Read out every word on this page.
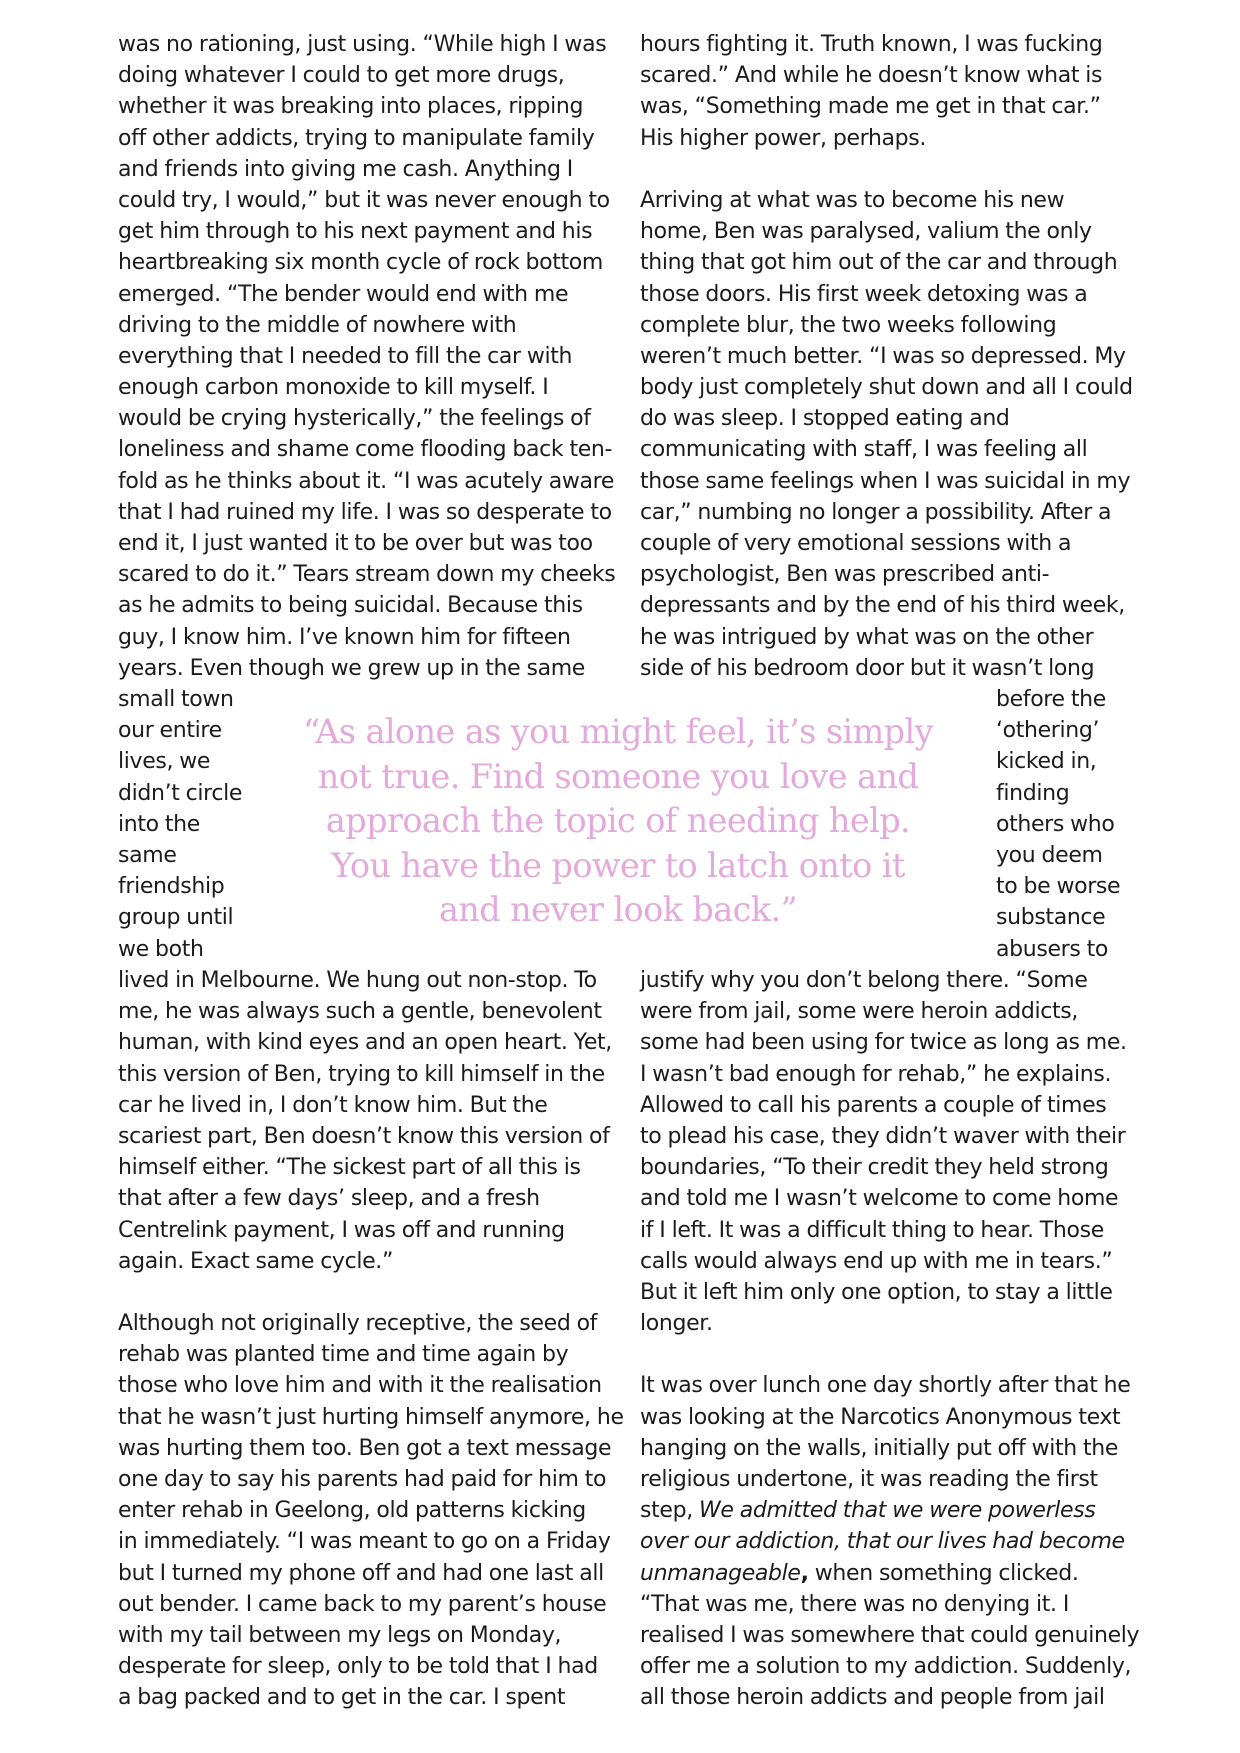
was no rationing, just using. “While high I was
doing whatever I could to get more drugs,
whether it was breaking into places, ripping
off other addicts, trying to manipulate family
and friends into giving me cash. Anything I
could try, I would,” but it was never enough to
get him through to his next payment and his
heartbreaking six month cycle of rock bottom
emerged. “The bender would end with me
driving to the middle of nowhere with
everything that I needed to fill the car with
enough carbon monoxide to kill myself. I
would be crying hysterically,” the feelings of
loneliness and shame come flooding back ten-
fold as he thinks about it. “I was acutely aware
that I had ruined my life. I was so desperate to
end it, I just wanted it to be over but was too
scared to do it.” Tears stream down my cheeks
as he admits to being suicidal. Because this
guy, I know him. I’ve known him for fifteen
years. Even though we grew up in the same
hours fighting it. Truth known, I was fucking
scared.” And while he doesn’t know what is
was, “Something made me get in that car.”
His higher power, perhaps.
Arriving at what was to become his new
home, Ben was paralysed, valium the only
thing that got him out of the car and through
those doors. His first week detoxing was a
complete blur, the two weeks following
weren’t much better. “I was so depressed. My
body just completely shut down and all I could
do was sleep. I stopped eating and
communicating with staff, I was feeling all
those same feelings when I was suicidal in my
car,” numbing no longer a possibility. After a
couple of very emotional sessions with a
psychologist, Ben was prescribed anti-
depressants and by the end of his third week,
he was intrigued by what was on the other
side of his bedroom door but it wasn’t long
small town
our entire
lives, we
didn’t circle
into the
same
friendship
group until
we both
before the
‘othering’
kicked in,
finding
others who
you deem
to be worse
substance
abusers to
“As alone as you might feel, it’s simply
not true. Find someone you love and
approach the topic of needing help.
You have the power to latch onto it
and never look back.”
lived in Melbourne. We hung out non-stop. To
me, he was always such a gentle, benevolent
human, with kind eyes and an open heart. Yet,
this version of Ben, trying to kill himself in the
car he lived in, I don’t know him. But the
scariest part, Ben doesn’t know this version of
himself either. “The sickest part of all this is
that after a few days’ sleep, and a fresh
Centrelink payment, I was off and running
again. Exact same cycle.”
Although not originally receptive, the seed of
rehab was planted time and time again by
those who love him and with it the realisation
that he wasn’t just hurting himself anymore, he
was hurting them too. Ben got a text message
one day to say his parents had paid for him to
enter rehab in Geelong, old patterns kicking
in immediately. “I was meant to go on a Friday
but I turned my phone off and had one last all
out bender. I came back to my parent’s house
with my tail between my legs on Monday,
desperate for sleep, only to be told that I had
a bag packed and to get in the car. I spent
justify why you don’t belong there. “Some
were from jail, some were heroin addicts,
some had been using for twice as long as me.
I wasn’t bad enough for rehab,” he explains.
Allowed to call his parents a couple of times
to plead his case, they didn’t waver with their
boundaries, “To their credit they held strong
and told me I wasn’t welcome to come home
if I left. It was a difficult thing to hear. Those
calls would always end up with me in tears.”
But it left him only one option, to stay a little
longer.
It was over lunch one day shortly after that he
was looking at the Narcotics Anonymous text
hanging on the walls, initially put off with the
religious undertone, it was reading the first
step, We admitted that we were powerless
over our addiction, that our lives had become
unmanageable, when something clicked.
“That was me, there was no denying it. I
realised I was somewhere that could genuinely
offer me a solution to my addiction. Suddenly,
all those heroin addicts and people from jail
